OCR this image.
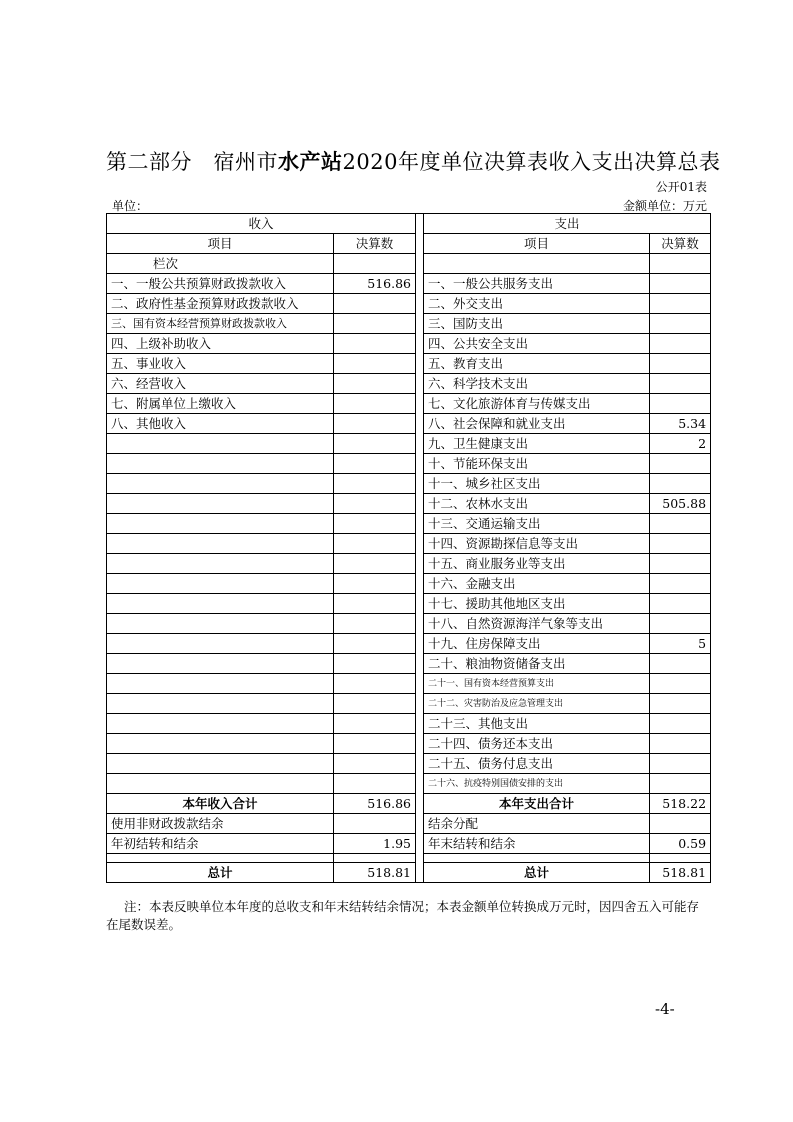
第二部分 宿州市水产站2020年度单位决算表收入支出决算总表
公开01表
单位：	金额单位：万元
收入			支出	
项目	决算数		项目	决算数
栏次				
一、一般公共预算财政拨款收入	516.86		一、一般公共服务支出	
二、政府性基金预算财政拨款收入			二、外交支出	
三、国有资本经营预算财政拨款收入			三、国防支出	
四、上级补助收入			四、公共安全支出	
五、事业收入			五、教育支出	
六、经营收入			六、科学技术支出	
七、附属单位上缴收入			七、文化旅游体育与传媒支出	
八、其他收入			八、社会保障和就业支出	5.34
			九、卫生健康支出	2
			十、节能环保支出	
			十一、城乡社区支出	
			十二、农林水支出	505.88
			十三、交通运输支出	
			十四、资源勘探信息等支出	
			十五、商业服务业等支出	
			十六、金融支出	
			十七、援助其他地区支出	
			十八、自然资源海洋气象等支出	
			十九、住房保障支出	5
			二十、粮油物资储备支出	
			二十一、国有资本经营预算支出	
			二十二、灾害防治及应急管理支出	
			二十三、其他支出	
			二十四、债务还本支出	
			二十五、债务付息支出	
			二十六、抗疫特别国债安排的支出	
本年收入合计	516.86		本年支出合计	518.22
使用非财政拨款结余			结余分配	
年初结转和结余	1.95		年末结转和结余	0.59

总计	518.81		总计	518.81
注：本表反映单位本年度的总收支和年末结转结余情况；本表金额单位转换成万元时，因四舍五入可能存在尾数误差。
-4-
